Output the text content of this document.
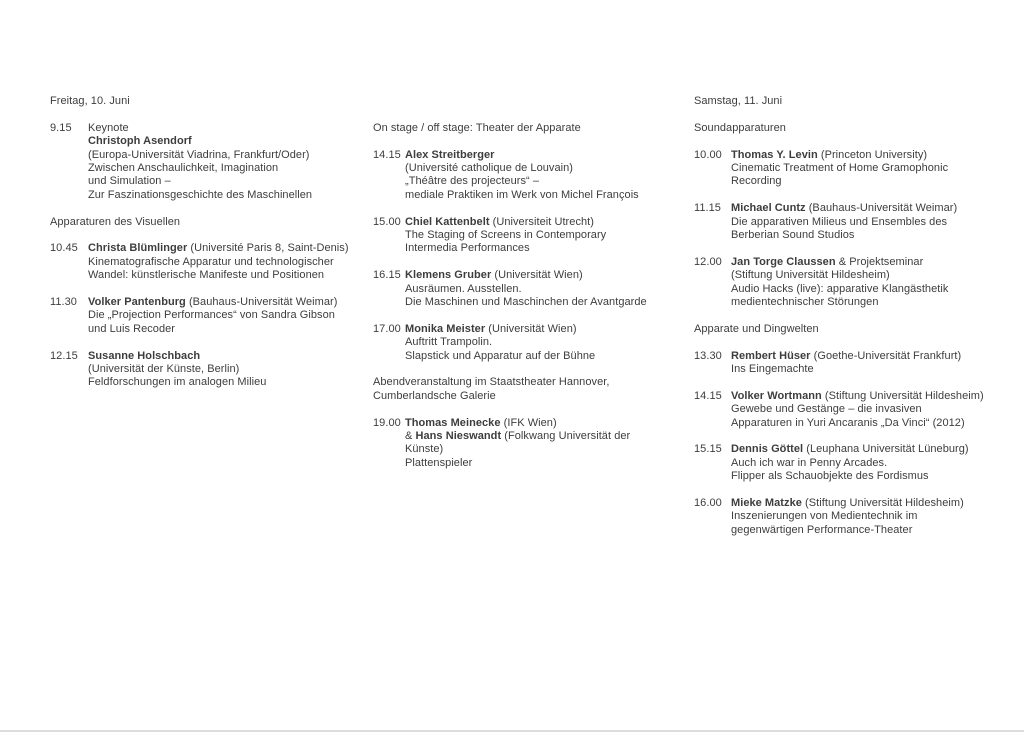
Freitag, 10. Juni
9.15	Keynote
Christoph Asendorf
(Europa-Universität Viadrina, Frankfurt/Oder)
Zwischen Anschaulichkeit, Imagination
und Simulation –
Zur Faszinationsgeschichte des Maschinellen
Apparaturen des Visuellen
10.45 Christa Blümlinger (Université Paris 8, Saint-Denis)
Kinematografische Apparatur und technologischer
Wandel: künstlerische Manifeste und Positionen
11.30	Volker Pantenburg (Bauhaus-Universität Weimar)
Die „Projection Performances“ von Sandra Gibson
und Luis Recoder
12.15 Susanne Holschbach
(Universität der Künste, Berlin)
Feldforschungen im analogen Milieu
On stage / off stage: Theater der Apparate
14.15 Alex Streitberger
(Université catholique de Louvain)
„Théâtre des projecteurs“ –
mediale Praktiken im Werk von Michel François
15.00 Chiel Kattenbelt (Universiteit Utrecht)
The Staging of Screens in Contemporary
Intermedia Performances
16.15 Klemens Gruber (Universität Wien)
Ausräumen. Ausstellen.
Die Maschinen und Maschinchen der Avantgarde
17.00 Monika Meister (Universität Wien)
Auftritt Trampolin.
Slapstick und Apparatur auf der Bühne
Abendveranstaltung im Staatstheater Hannover,
Cumberlandsche Galerie
19.00 Thomas Meinecke (IFK Wien)
& Hans Nieswandt (Folkwang Universität der
Künste)
Plattenspieler
Samstag, 11. Juni
Soundapparaturen
10.00 Thomas Y. Levin (Princeton University)
Cinematic Treatment of Home Gramophonic
Recording
11.15 Michael Cuntz (Bauhaus-Universität Weimar)
Die apparativen Milieus und Ensembles des
Berberian Sound Studios
12.00 Jan Torge Claussen & Projektseminar
(Stiftung Universität Hildesheim)
Audio Hacks (live): apparative Klangästhetik
medientechnischer Störungen
Apparate und Dingwelten
13.30 Rembert Hüser (Goethe-Universität Frankfurt)
Ins Eingemachte
14.15 Volker Wortmann (Stiftung Universität Hildesheim)
Gewebe und Gestänge – die invasiven
Apparaturen in Yuri Ancaranis „Da Vinci“ (2012)
15.15 Dennis Göttel (Leuphana Universität Lüneburg)
Auch ich war in Penny Arcades.
Flipper als Schauobjekte des Fordismus
16.00 Mieke Matzke (Stiftung Universität Hildesheim)
Inszenierungen von Medientechnik im
gegenwärtigen Performance-Theater
